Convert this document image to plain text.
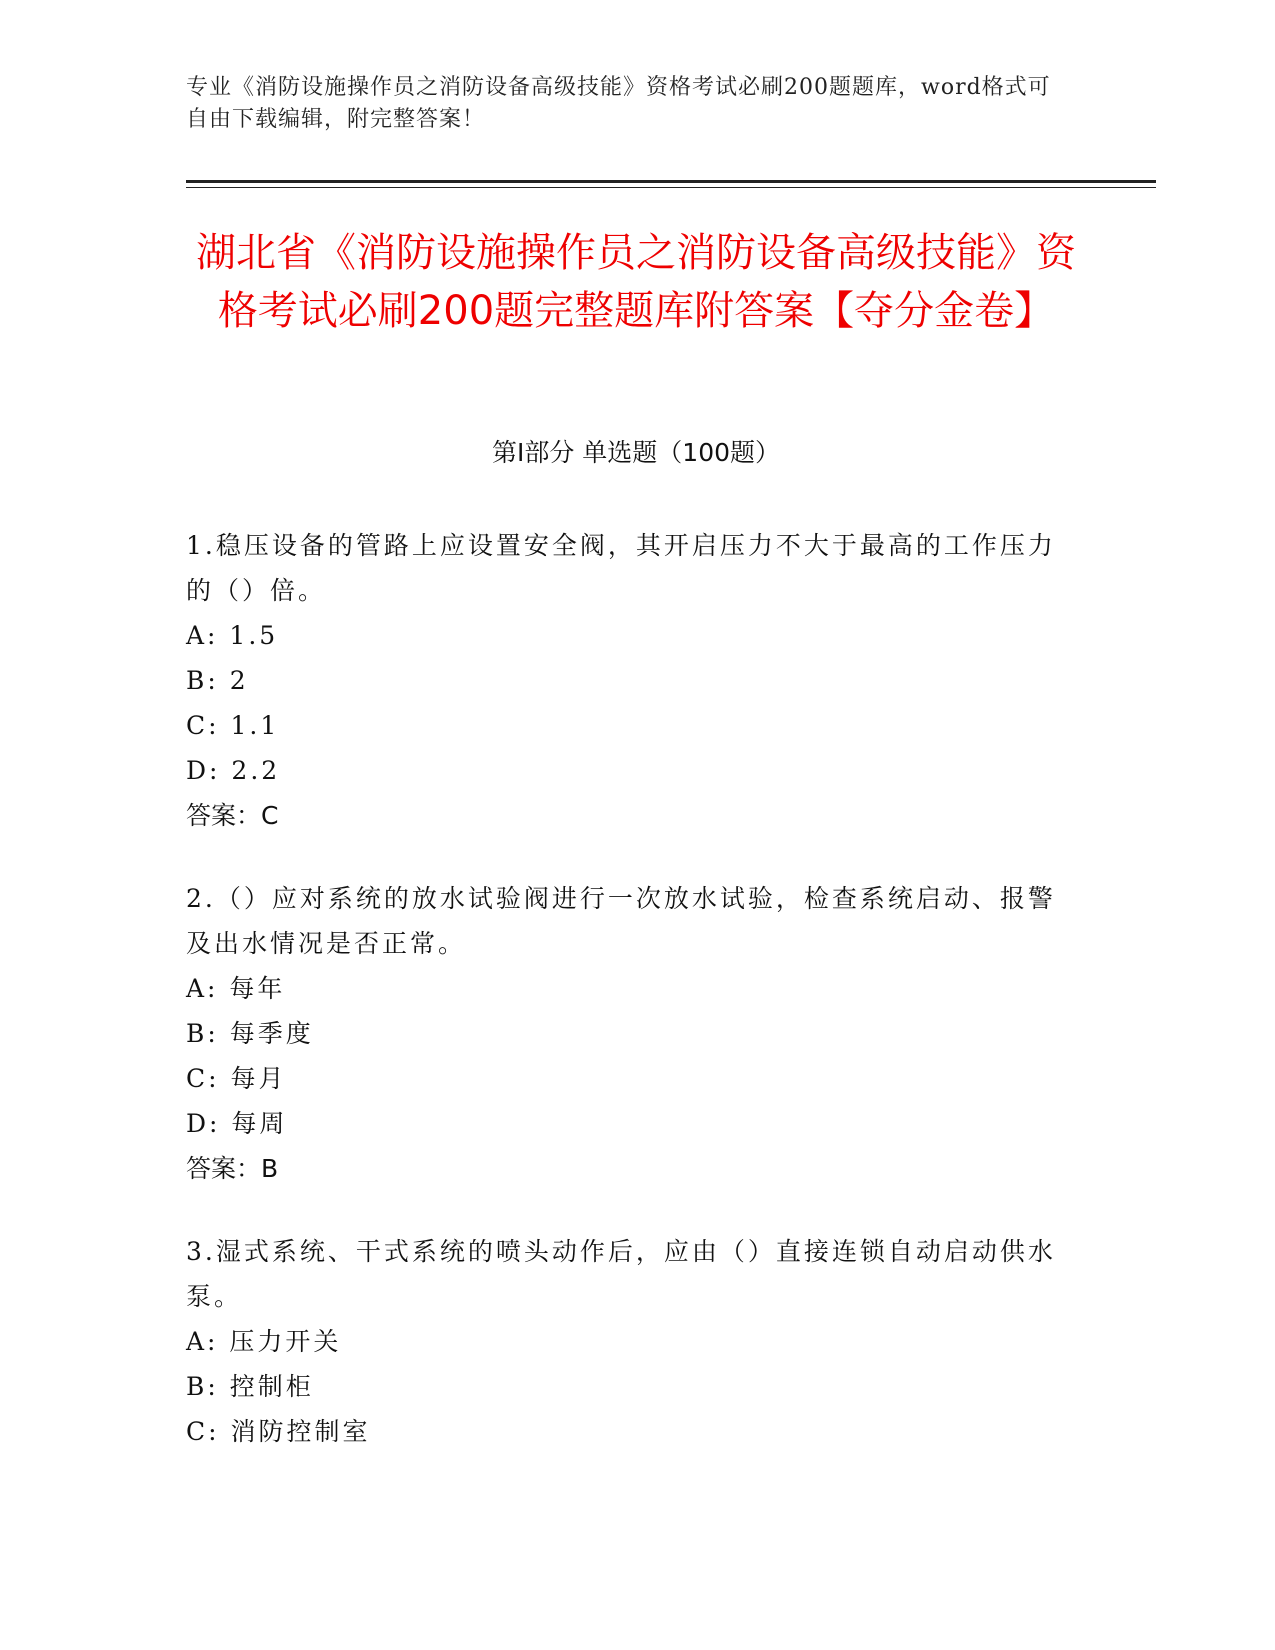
专业《消防设施操作员之消防设备高级技能》资格考试必刷200题题库，word格式可自由下载编辑，附完整答案！
湖北省《消防设施操作员之消防设备高级技能》资格考试必刷200题完整题库附答案【夺分金卷】
第I部分 单选题（100题）
1.稳压设备的管路上应设置安全阀，其开启压力不大于最高的工作压力的（）倍。
A: 1.5
B: 2
C: 1.1
D: 2.2
答案：C
2.（）应对系统的放水试验阀进行一次放水试验，检查系统启动、报警及出水情况是否正常。
A: 每年
B: 每季度
C: 每月
D: 每周
答案：B
3.湿式系统、干式系统的喷头动作后，应由（）直接连锁自动启动供水泵。
A: 压力开关
B: 控制柜
C: 消防控制室
